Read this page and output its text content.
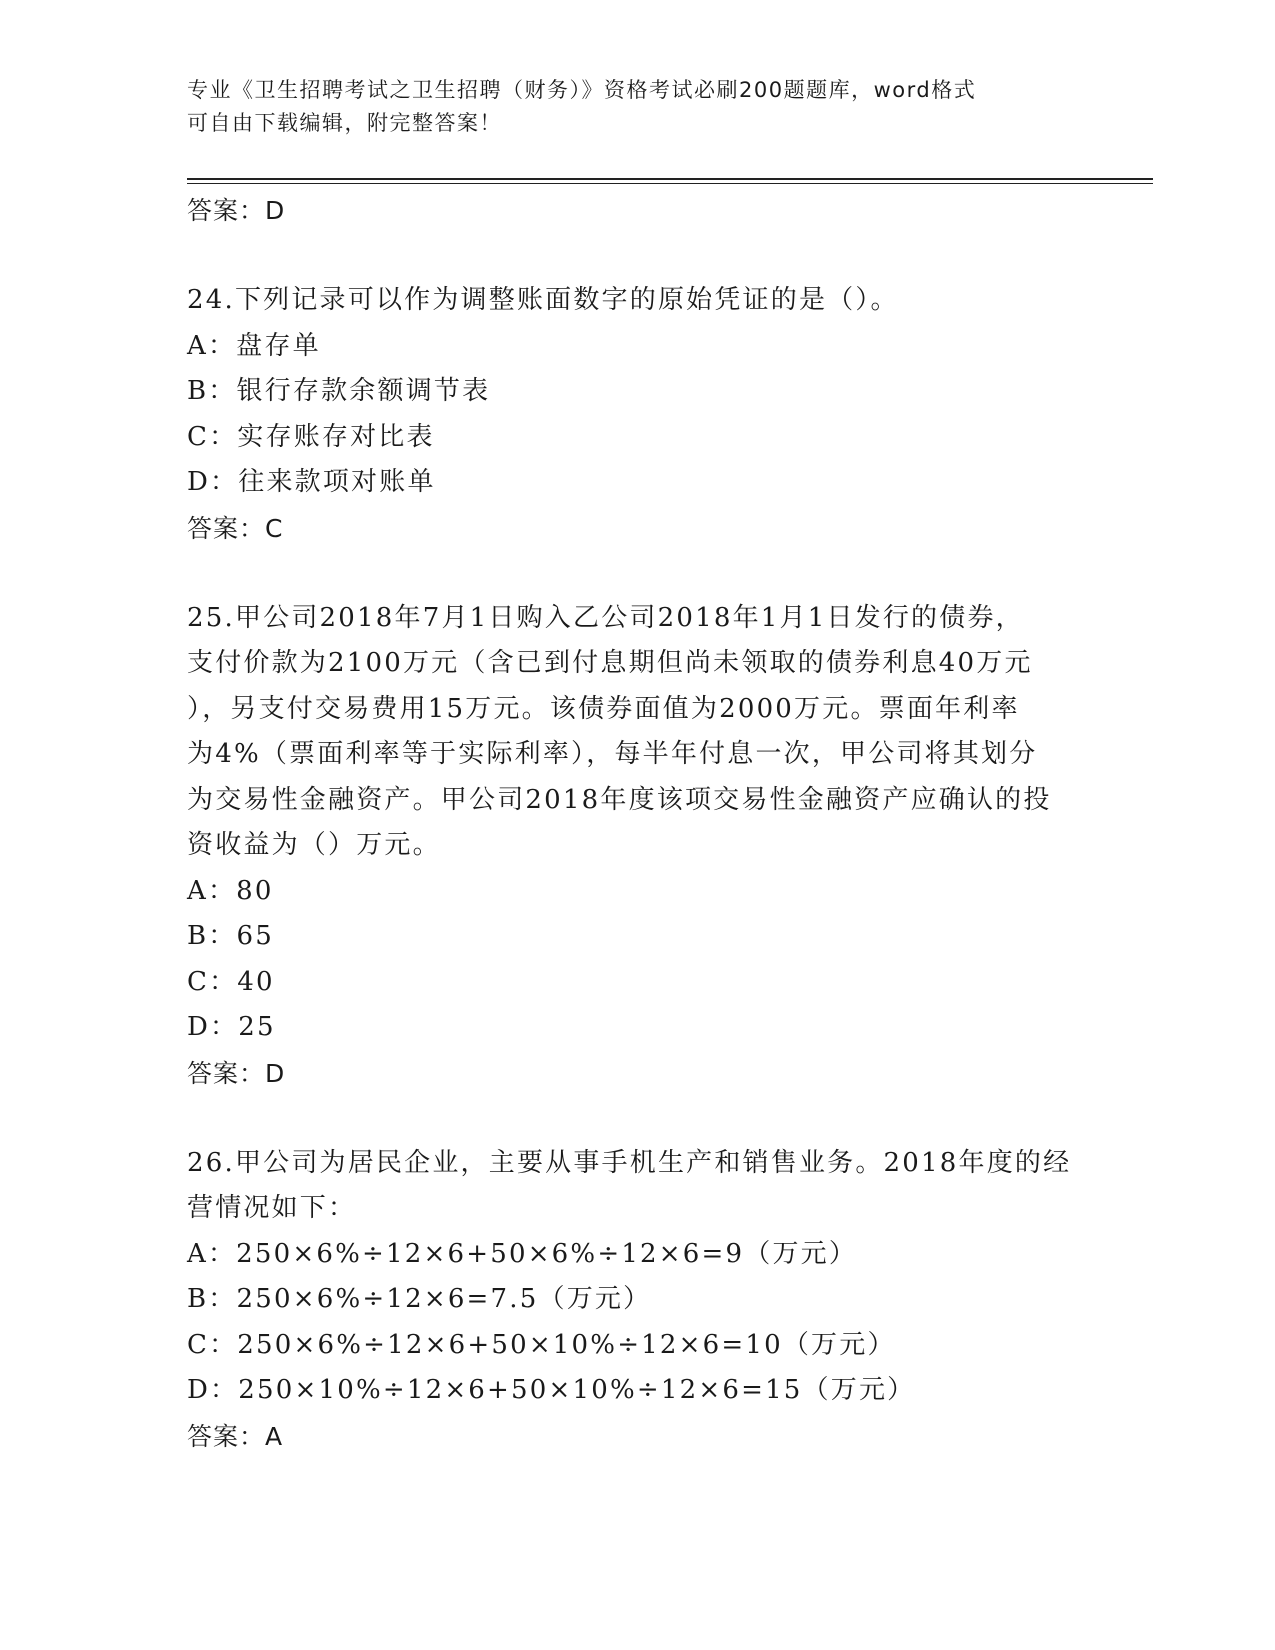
专业《卫生招聘考试之卫生招聘（财务）》资格考试必刷200题题库，word格式
可自由下载编辑，附完整答案！
答案：D
24.下列记录可以作为调整账面数字的原始凭证的是（）。
A：盘存单
B：银行存款余额调节表
C：实存账存对比表
D：往来款项对账单
答案：C
25.甲公司2018年7月1日购入乙公司2018年1月1日发行的债券，
支付价款为2100万元（含已到付息期但尚未领取的债券利息40万元
），另支付交易费用15万元。该债券面值为2000万元。票面年利率
为4%（票面利率等于实际利率），每半年付息一次，甲公司将其划分
为交易性金融资产。甲公司2018年度该项交易性金融资产应确认的投
资收益为（）万元。
A：80
B：65
C：40
D：25
答案：D
26.甲公司为居民企业，主要从事手机生产和销售业务。2018年度的经
营情况如下：
A：250×6%÷12×6+50×6%÷12×6=9（万元）
B：250×6%÷12×6=7.5（万元）
C：250×6%÷12×6+50×10%÷12×6=10（万元）
D：250×10%÷12×6+50×10%÷12×6=15（万元）
答案：A
